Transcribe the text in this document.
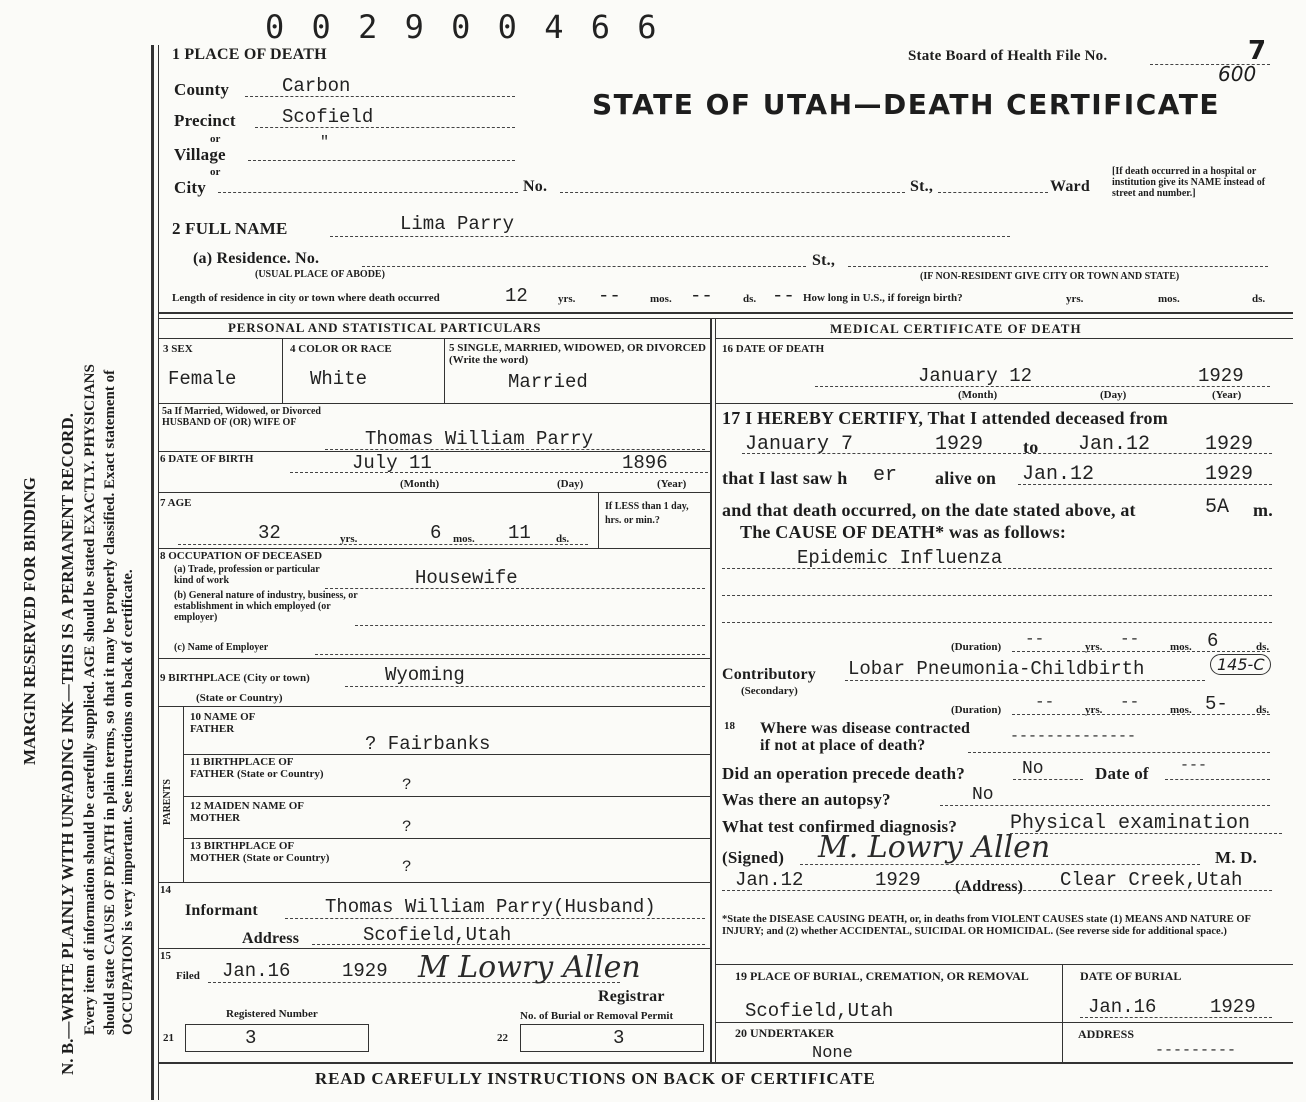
MARGIN RESERVED FOR BINDING N. B.—WRITE PLAINLY WITH UNFADING INK—THIS IS A PERMANENT RECORD. Every item of information should be carefully supplied. AGE should be stated EXACTLY. PHYSICIANS should state CAUSE OF DEATH in plain terms, so that it may be properly classified. Exact statement of OCCUPATION is very important. See instructions on back of certificate.
0 0 2 9 0 0 4 6 6
State Board of Health File No.	7
600
STATE OF UTAH—DEATH CERTIFICATE
1 PLACE OF DEATH
County	Carbon
Precinct Scofield
or
Village
"
or
City	No.	St.,	Ward
[If death occurred in a hospital or institution give its NAME instead of street and number.]
2 FULL NAME	Lima Parry
(a) Residence. No.
(USUAL PLACE OF ABODE)
St.,
(IF NON-RESIDENT GIVE CITY OR TOWN AND STATE)
Length of residence in city or town where death occurred	12	yrs. --	mos. --	ds. -- How long in U.S., if foreign birth?	yrs.	mos.	ds.
PERSONAL AND STATISTICAL PARTICULARS
3 SEX
Female
4 COLOR OR RACE
White
5 SINGLE, MARRIED, WIDOWED, OR DIVORCED (Write the word)
Married
5a If Married, Widowed, or Divorced HUSBAND OF (OR) WIFE OF
Thomas William Parry
6 DATE OF BIRTH	July 11	1896
(Month)	(Day)	(Year)
7 AGE
32	yrs.	6 mos. 11 ds.
If LESS than 1 day, hrs. or min.?
8 OCCUPATION OF DECEASED
(a) Trade, profession or particular kind of work	Housewife
(b) General nature of industry, business, or establishment in which employed (or employer)
(c) Name of Employer
9 BIRTHPLACE (City or town)	Wyoming
(State or Country)
PARENTS
10 NAME OF FATHER
? Fairbanks
11 BIRTHPLACE OF FATHER (State or Country)
?
12 MAIDEN NAME OF MOTHER	?
13 BIRTHPLACE OF MOTHER (State or Country)	?
14
Informant	Thomas William Parry(Husband)
Address	Scofield,Utah
15
Filed Jan.16	1929 M Lowry Allen
Registrar
Registered Number
21	3
No. of Burial or Removal Permit
22	3
MEDICAL CERTIFICATE OF DEATH
16 DATE OF DEATH
January 12	1929
(Month)	(Day)	(Year)
17 I HEREBY CERTIFY, That I attended deceased from
January 7	1929 to Jan.12	1929
that I last saw h er alive on Jan.12	1929
and that death occurred, on the date stated above, at	5A m.
The CAUSE OF DEATH* was as follows:
Epidemic Influenza
(Duration) --	yrs. --	mos. 6	ds.
Contributory
(Secondary)
Lobar Pneumonia-Childbirth	145-C
(Duration) --	yrs. --	mos. 5-	ds.
18 Where was disease contracted
if not at place of death?
--------------
Did an operation precede death?	No	Date of ---
Was there an autopsy?	No
What test confirmed diagnosis?	Physical examination
(Signed) M. Lowry Allen	M. D.
Jan.12	1929 (Address) Clear Creek,Utah
*State the DISEASE CAUSING DEATH, or, in deaths from VIOLENT CAUSES state (1) MEANS AND NATURE OF INJURY; and (2) whether ACCIDENTAL, SUICIDAL OR HOMICIDAL. (See reverse side for additional space.)
19 PLACE OF BURIAL, CREMATION, OR REMOVAL	DATE OF BURIAL
Scofield,Utah	Jan.16	1929
20 UNDERTAKER
None
ADDRESS
---------
READ CAREFULLY INSTRUCTIONS ON BACK OF CERTIFICATE
